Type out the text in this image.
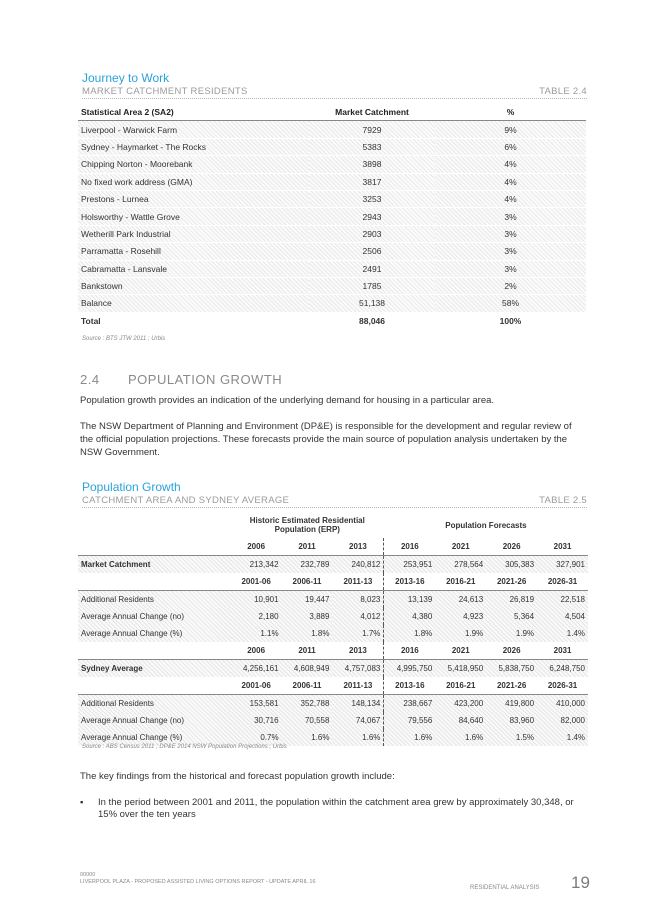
Journey to Work
MARKET CATCHMENT RESIDENTS	TABLE 2.4
Statistical Area 2 (SA2)	Market Catchment	%
Liverpool - Warwick Farm	7929	9%
Sydney - Haymarket - The Rocks	5383	6%
Chipping Norton - Moorebank	3898	4%
No fixed work address (GMA)	3817	4%
Prestons - Lurnea	3253	4%
Holsworthy - Wattle Grove	2943	3%
Wetherill Park Industrial	2903	3%
Parramatta - Rosehill	2506	3%
Cabramatta - Lansvale	2491	3%
Bankstown	1785	2%
Balance	51,138	58%
Total	88,046	100%
Source : BTS JTW 2011 ; Urbis
2.4 POPULATION GROWTH
Population growth provides an indication of the underlying demand for housing in a particular area.
The NSW Department of Planning and Environment (DP&E) is responsible for the development and regular review of the official population projections. These forecasts provide the main source of population analysis undertaken by the NSW Government.
Population Growth
CATCHMENT AREA AND SYDNEY AVERAGE	TABLE 2.5
	Historic Estimated Residential Population (ERP)			Population Forecasts			
	2006	2011	2013	2016	2021	2026	2031
Market Catchment	213,342	232,789	240,812	253,951	278,564	305,383	327,901
	2001-06	2006-11	2011-13	2013-16	2016-21	2021-26	2026-31
Additional Residents	10,901	19,447	8,023	13,139	24,613	26,819	22,518
Average Annual Change (no)	2,180	3,889	4,012	4,380	4,923	5,364	4,504
Average Annual Change (%)	1.1%	1.8%	1.7%	1.8%	1.9%	1.9%	1.4%
	2006	2011	2013	2016	2021	2026	2031
Sydney Average	4,256,161	4,608,949	4,757,083	4,995,750	5,418,950	5,838,750	6,248,750
	2001-06	2006-11	2011-13	2013-16	2016-21	2021-26	2026-31
Additional Residents	153,581	352,788	148,134	238,667	423,200	419,800	410,000
Average Annual Change (no)	30,716	70,558	74,067	79,556	84,640	83,960	82,000
Average Annual Change (%)	0.7%	1.6%	1.6%	1.6%	1.6%	1.5%	1.4%
Source : ABS Census 2011 ; DP&E 2014 NSW Population Projections ; Urbis
The key findings from the historical and forecast population growth include:
▪ In the period between 2001 and 2011, the population within the catchment area grew by approximately 30,348, or 15% over the ten years
00000
LIVERPOOL PLAZA - PROPOSED ASSISTED LIVING OPTIONS REPORT - UPDATE APRIL 16
RESIDENTIAL ANALYSIS 19
